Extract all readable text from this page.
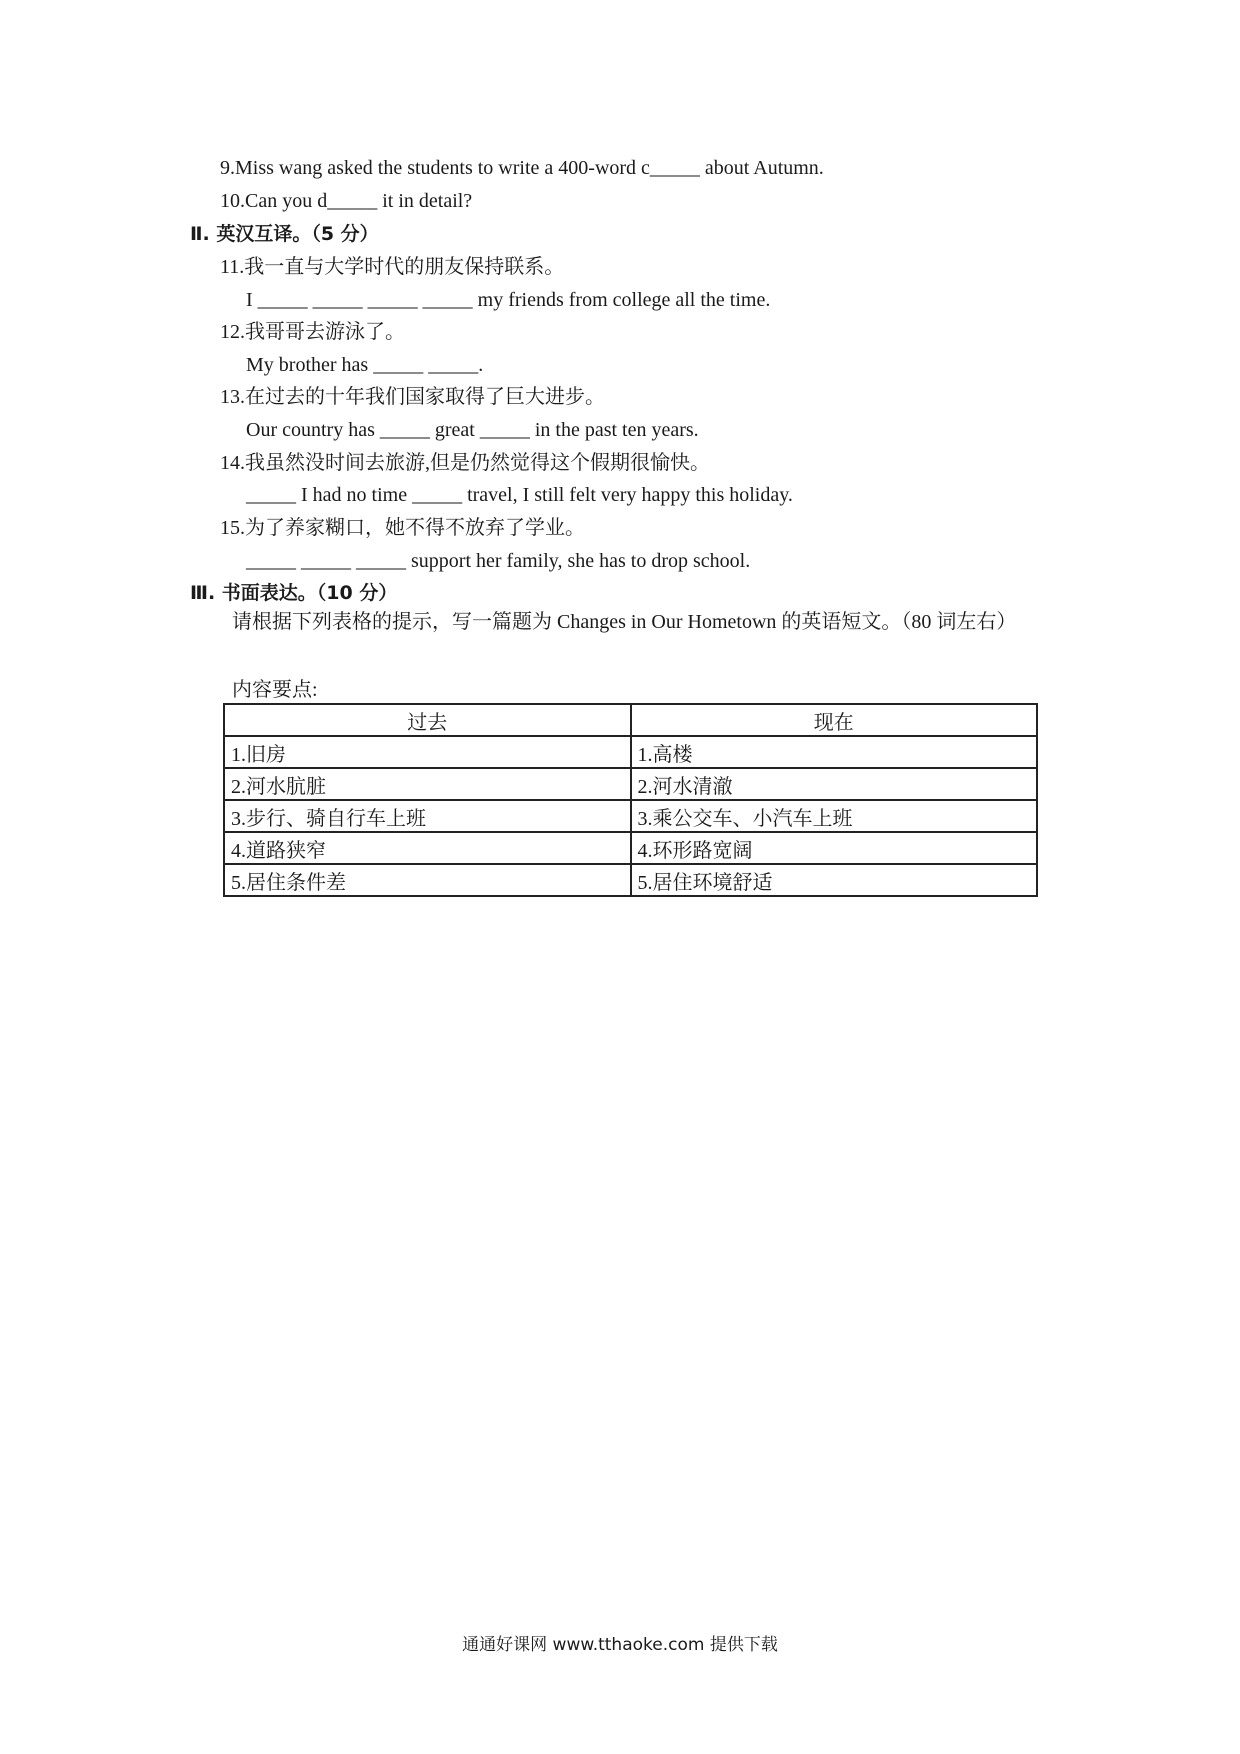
9.Miss wang asked the students to write a 400-word c_____ about Autumn.
10.Can you d_____ it in detail?
Ⅱ. 英汉互译。（5 分）
11.我一直与大学时代的朋友保持联系。
I _____ _____ _____ _____ my friends from college all the time.
12.我哥哥去游泳了。
My brother has _____ _____.
13.在过去的十年我们国家取得了巨大进步。
Our country has _____ great _____ in the past ten years.
14.我虽然没时间去旅游,但是仍然觉得这个假期很愉快。
_____ I had no time _____ travel, I still felt very happy this holiday.
15.为了养家糊口，她不得不放弃了学业。
_____ _____ _____ support her family, she has to drop school.
Ⅲ. 书面表达。（10 分）
请根据下列表格的提示，写一篇题为 Changes in Our Hometown 的英语短文。（80 词左右）
内容要点:
过去	现在
1.旧房	1.高楼
2.河水肮脏	2.河水清澈
3.步行、骑自行车上班	3.乘公交车、小汽车上班
4.道路狭窄	4.环形路宽阔
5.居住条件差	5.居住环境舒适
通通好课网 www.tthaoke.com 提供下载
